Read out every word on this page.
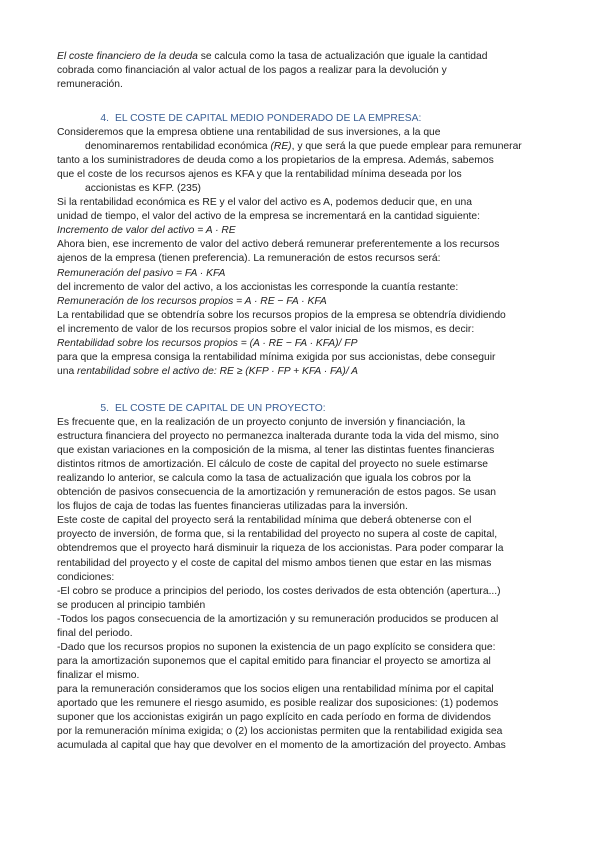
El coste financiero de la deuda se calcula como la tasa de actualización que iguale la cantidad

cobrada como financiación al valor actual de los pagos a realizar para la devolución y

remuneración.

4. EL COSTE DE CAPITAL MEDIO PONDERADO DE LA EMPRESA:

Consideremos que la empresa obtiene una rentabilidad de sus inversiones, a la que

denominaremos rentabilidad económica (RE), y que será la que puede emplear para remunerar

tanto a los suministradores de deuda como a los propietarios de la empresa. Además, sabemos

que el coste de los recursos ajenos es KFA y que la rentabilidad mínima deseada por los

accionistas es KFP. (235)

Si la rentabilidad económica es RE y el valor del activo es A, podemos deducir que, en una

unidad de tiempo, el valor del activo de la empresa se incrementará en la cantidad siguiente:

Incremento de valor del activo = A · RE

Ahora bien, ese incremento de valor del activo deberá remunerar preferentemente a los recursos

ajenos de la empresa (tienen preferencia). La remuneración de estos recursos será:

Remuneración del pasivo = FA · KFA

del incremento de valor del activo, a los accionistas les corresponde la cuantía restante:

Remuneración de los recursos propios = A · RE − FA · KFA

La rentabilidad que se obtendría sobre los recursos propios de la empresa se obtendría dividiendo

el incremento de valor de los recursos propios sobre el valor inicial de los mismos, es decir:

Rentabilidad sobre los recursos propios = (A · RE − FA · KFA)/ FP

para que la empresa consiga la rentabilidad mínima exigida por sus accionistas, debe conseguir

una rentabilidad sobre el activo de: RE ≥ (KFP · FP + KFA · FA)/ A

5. EL COSTE DE CAPITAL DE UN PROYECTO:

Es frecuente que, en la realización de un proyecto conjunto de inversión y financiación, la

estructura financiera del proyecto no permanezca inalterada durante toda la vida del mismo, sino

que existan variaciones en la composición de la misma, al tener las distintas fuentes financieras

distintos ritmos de amortización. El cálculo de coste de capital del proyecto no suele estimarse

realizando lo anterior, se calcula como la tasa de actualización que iguala los cobros por la

obtención de pasivos consecuencia de la amortización y remuneración de estos pagos. Se usan

los flujos de caja de todas las fuentes financieras utilizadas para la inversión.

Este coste de capital del proyecto será la rentabilidad mínima que deberá obtenerse con el

proyecto de inversión, de forma que, si la rentabilidad del proyecto no supera al coste de capital,

obtendremos que el proyecto hará disminuir la riqueza de los accionistas. Para poder comparar la

rentabilidad del proyecto y el coste de capital del mismo ambos tienen que estar en las mismas

condiciones:

-El cobro se produce a principios del periodo, los costes derivados de esta obtención (apertura...)

se producen al principio también

-Todos los pagos consecuencia de la amortización y su remuneración producidos se producen al

final del periodo.

-Dado que los recursos propios no suponen la existencia de un pago explícito se considera que:

para la amortización suponemos que el capital emitido para financiar el proyecto se amortiza al

finalizar el mismo.

para la remuneración consideramos que los socios eligen una rentabilidad mínima por el capital

aportado que les remunere el riesgo asumido, es posible realizar dos suposiciones: (1) podemos

suponer que los accionistas exigirán un pago explícito en cada período en forma de dividendos

por la remuneración mínima exigida; o (2) los accionistas permiten que la rentabilidad exigida sea

acumulada al capital que hay que devolver en el momento de la amortización del proyecto. Ambas
